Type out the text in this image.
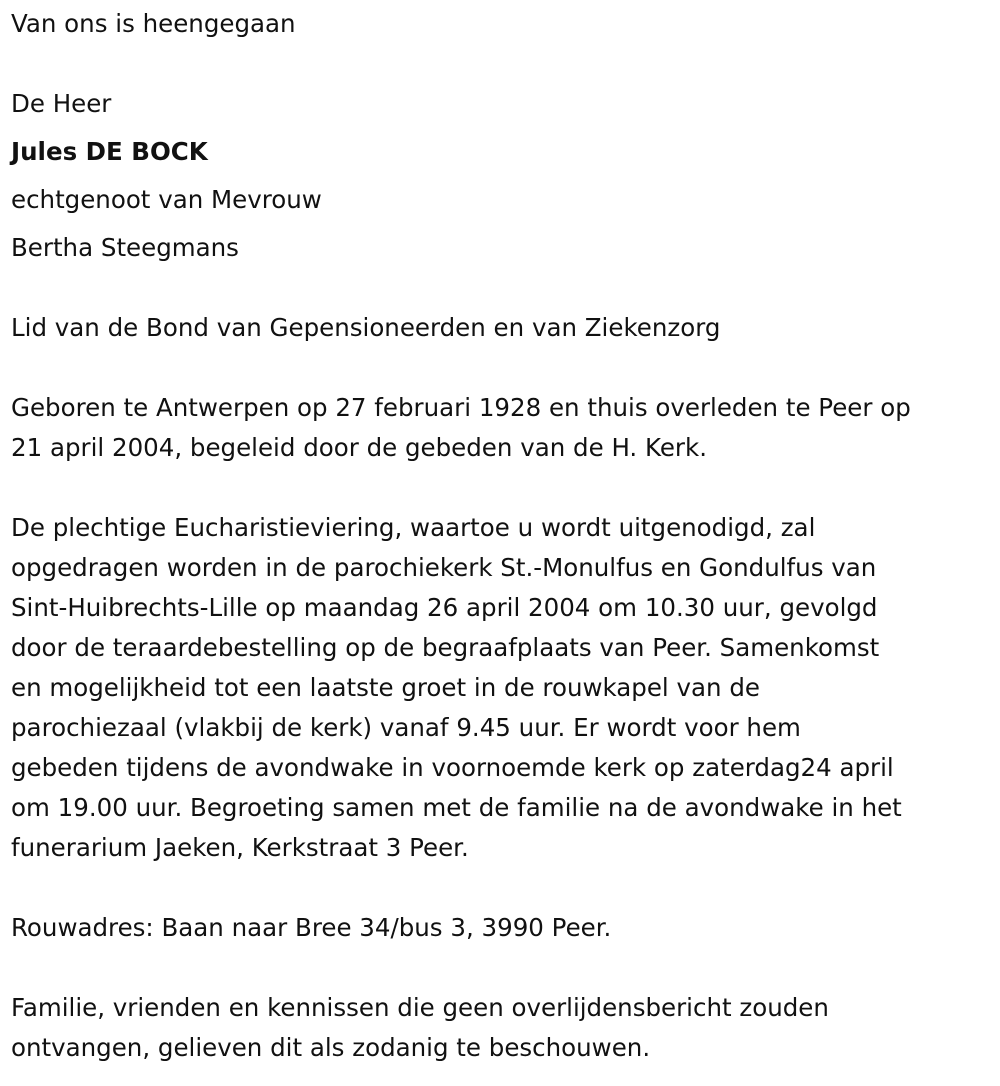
Van ons is heengegaan
De Heer
Jules DE BOCK
echtgenoot van Mevrouw
Bertha Steegmans
Lid van de Bond van Gepensioneerden en van Ziekenzorg
Geboren te Antwerpen op 27 februari 1928 en thuis overleden te Peer op
21 april 2004, begeleid door de gebeden van de H. Kerk.
De plechtige Eucharistieviering, waartoe u wordt uitgenodigd, zal
opgedragen worden in de parochiekerk St.-Monulfus en Gondulfus van
Sint-Huibrechts-Lille op maandag 26 april 2004 om 10.30 uur, gevolgd
door de teraardebestelling op de begraafplaats van Peer. Samenkomst
en mogelijkheid tot een laatste groet in de rouwkapel van de
parochiezaal (vlakbij de kerk) vanaf 9.45 uur. Er wordt voor hem
gebeden tijdens de avondwake in voornoemde kerk op zaterdag24 april
om 19.00 uur. Begroeting samen met de familie na de avondwake in het
funerarium Jaeken, Kerkstraat 3 Peer.
Rouwadres: Baan naar Bree 34/bus 3, 3990 Peer.
Familie, vrienden en kennissen die geen overlijdensbericht zouden
ontvangen, gelieven dit als zodanig te beschouwen.
